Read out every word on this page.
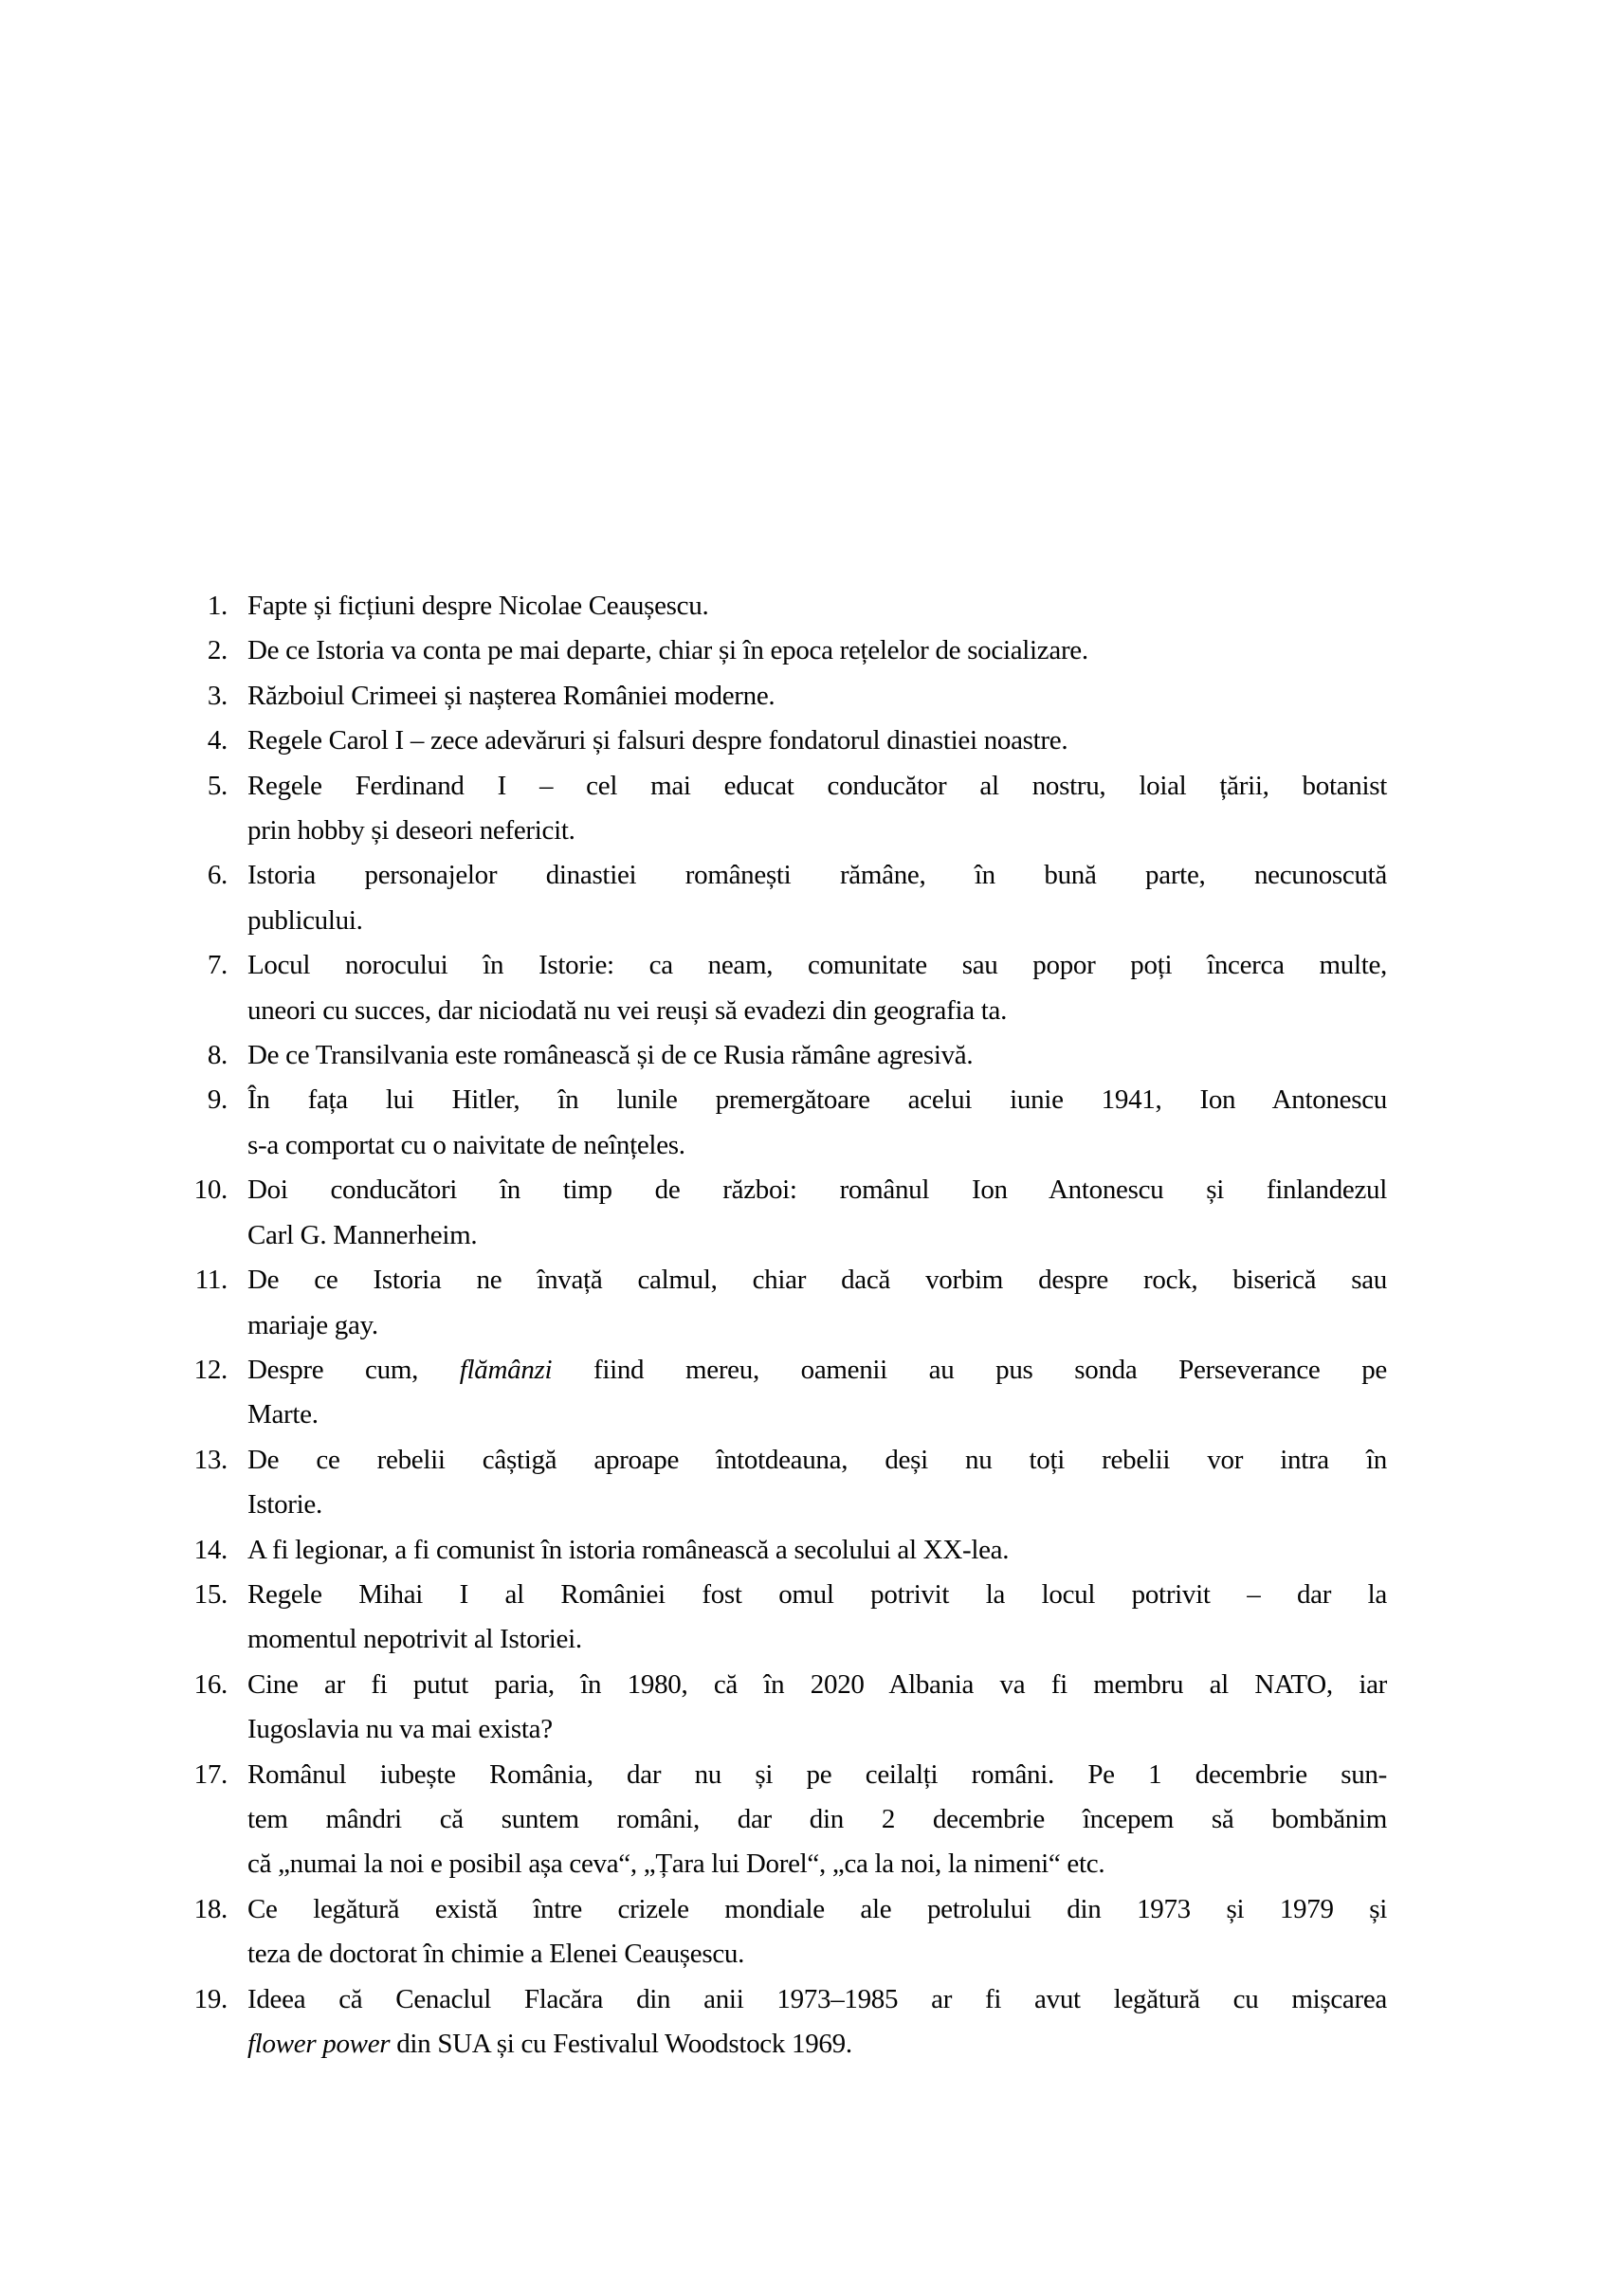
1. Fapte și ficțiuni despre Nicolae Ceaușescu.
2. De ce Istoria va conta pe mai departe, chiar și în epoca rețelelor de socializare.
3. Războiul Crimeei și nașterea României moderne.
4. Regele Carol I – zece adevăruri și falsuri despre fondatorul dinastiei noastre.
5. Regele Ferdinand I – cel mai educat conducător al nostru, loial țării, botanist
prin hobby și deseori nefericit.
6. Istoria personajelor dinastiei românești rămâne, în bună parte, necunoscută
publicului.
7. Locul norocului în Istorie: ca neam, comunitate sau popor poți încerca multe,
uneori cu succes, dar niciodată nu vei reuși să evadezi din geografia ta.
8. De ce Transilvania este românească și de ce Rusia rămâne agresivă.
9. În fața lui Hitler, în lunile premergătoare acelui iunie 1941, Ion Antonescu
s-a comportat cu o naivitate de neînțeles.
10. Doi conducători în timp de război: românul Ion Antonescu și finlandezul
Carl G. Mannerheim.
11. De ce Istoria ne învață calmul, chiar dacă vorbim despre rock, biserică sau
mariaje gay.
12. Despre cum, flămânzi fiind mereu, oamenii au pus sonda Perseverance pe
Marte.
13. De ce rebelii câștigă aproape întotdeauna, deși nu toți rebelii vor intra în
Istorie.
14. A fi legionar, a fi comunist în istoria românească a secolului al XX-lea.
15. Regele Mihai I al României fost omul potrivit la locul potrivit – dar la
momentul nepotrivit al Istoriei.
16. Cine ar fi putut paria, în 1980, că în 2020 Albania va fi membru al NATO, iar
Iugoslavia nu va mai exista?
17. Românul iubește România, dar nu și pe ceilalți români. Pe 1 decembrie sun-
tem mândri că suntem români, dar din 2 decembrie începem să bombănim
că „numai la noi e posibil așa ceva“, „Țara lui Dorel“, „ca la noi, la nimeni“ etc.
18. Ce legătură există între crizele mondiale ale petrolului din 1973 și 1979 și
teza de doctorat în chimie a Elenei Ceaușescu.
19. Ideea că Cenaclul Flacăra din anii 1973–1985 ar fi avut legătură cu mișcarea
flower power din SUA și cu Festivalul Woodstock 1969.
